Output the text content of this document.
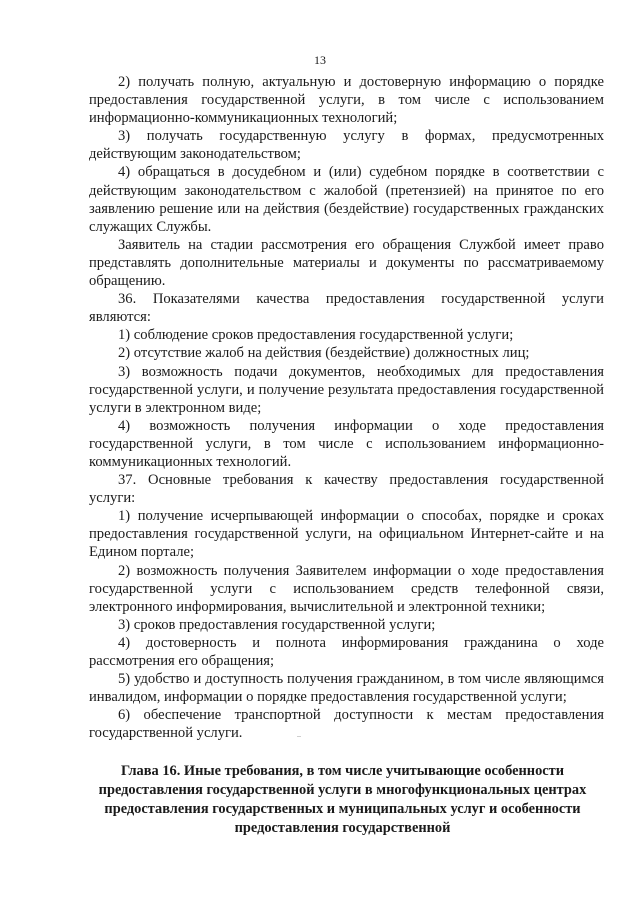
13

2) получать полную, актуальную и достоверную информацию о порядке предоставления государственной услуги, в том числе с использованием информационно-коммуникационных технологий;

3) получать государственную услугу в формах, предусмотренных действующим законодательством;

4) обращаться в досудебном и (или) судебном порядке в соответствии с действующим законодательством с жалобой (претензией) на принятое по его заявлению решение или на действия (бездействие) государственных гражданских служащих Службы.

Заявитель на стадии рассмотрения его обращения Службой имеет право представлять дополнительные материалы и документы по рассматриваемому обращению.

36. Показателями качества предоставления государственной услуги являются:

1) соблюдение сроков предоставления государственной услуги;

2) отсутствие жалоб на действия (бездействие) должностных лиц;

3) возможность подачи документов, необходимых для предоставления государственной услуги, и получение результата предоставления государственной услуги в электронном виде;

4) возможность получения информации о ходе предоставления государственной услуги, в том числе с использованием информационно-коммуникационных технологий.

37. Основные требования к качеству предоставления государственной услуги:

1) получение исчерпывающей информации о способах, порядке и сроках предоставления государственной услуги, на официальном Интернет-сайте и на Едином портале;

2) возможность получения Заявителем информации о ходе предоставления государственной услуги с использованием средств телефонной связи, электронного информирования, вычислительной и электронной техники;

3) сроков предоставления государственной услуги;

4) достоверность и полнота информирования гражданина о ходе рассмотрения его обращения;

5) удобство и доступность получения гражданином, в том числе являющимся инвалидом, информации о порядке предоставления государственной услуги;

6) обеспечение транспортной доступности к местам предоставления государственной услуги.

Глава 16. Иные требования, в том числе учитывающие особенности предоставления государственной услуги в многофункциональных центрах предоставления государственных и муниципальных услуг и особенности предоставления государственной
